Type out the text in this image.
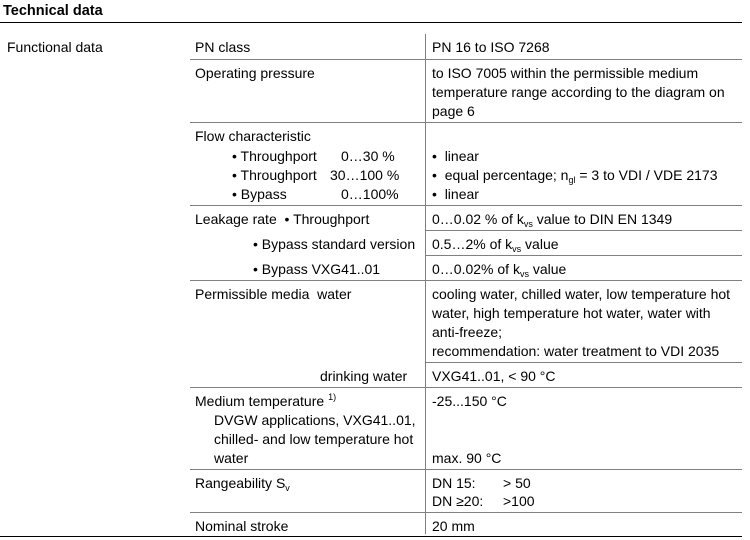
Technical data
Functional data	PN class	PN 16 to ISO 7268
Operating pressure	to ISO 7005 within the permissible medium
temperature range according to the diagram on
page 6
Flow characteristic
• Throughport 0…30 %	• linear
• Throughport 30…100 % • equal percentage; $n_{gl} = 3$ to VDI / VDE 2173
• Bypass	0…100% • linear
Leakage rate • Throughport	0…0.02 % of $k_{vs}$ value to DIN EN 1349
• Bypass standard version 0.5…2% of $k_{vs}$ value
• Bypass VXG41..01	0…0.02% of $k_{vs}$ value
Permissible media water	cooling water, chilled water, low temperature hot
water, high temperature hot water, water with
anti-freeze;
recommendation: water treatment to VDI 2035
drinking water VXG41..01, < 90 °C
Medium temperature $^{1)}$	-25...150 °C
DVGW applications, VXG41..01,
chilled- and low temperature hot
water	max. 90 °C
Rangeability $S_v$	DN 15: > 50
DN ≥20: >100
Nominal stroke	20 mm
